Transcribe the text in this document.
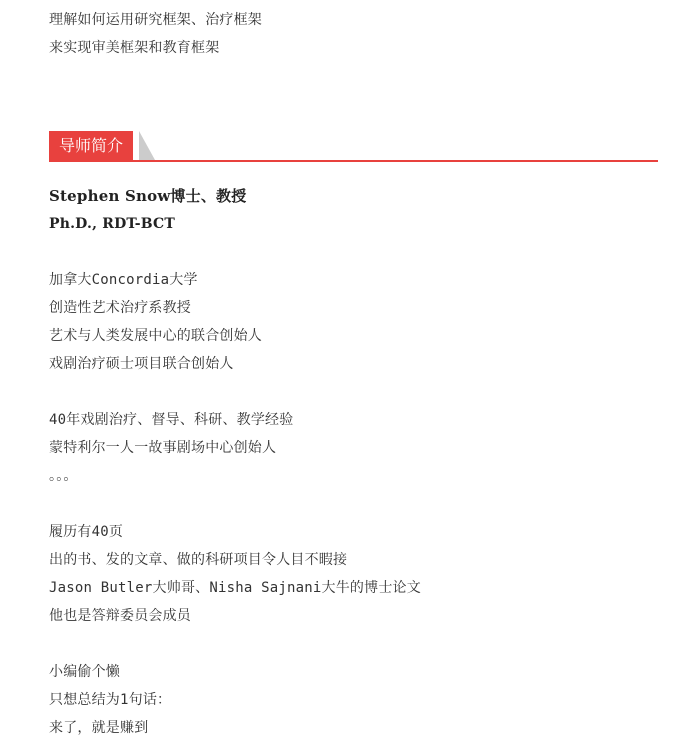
理解如何运用研究框架、治疗框架
来实现审美框架和教育框架
导师简介
Stephen Snow博士、教授
Ph.D., RDT-BCT
加拿大Concordia大学
创造性艺术治疗系教授
艺术与人类发展中心的联合创始人
戏剧治疗硕士项目联合创始人
40年戏剧治疗、督导、科研、教学经验
蒙特利尔一人一故事剧场中心创始人
。。。
履历有40页
出的书、发的文章、做的科研项目令人目不暇接
Jason Butler大帅哥、Nisha Sajnani大牛的博士论文
他也是答辩委员会成员
小编偷个懒
只想总结为1句话：
来了，就是赚到
